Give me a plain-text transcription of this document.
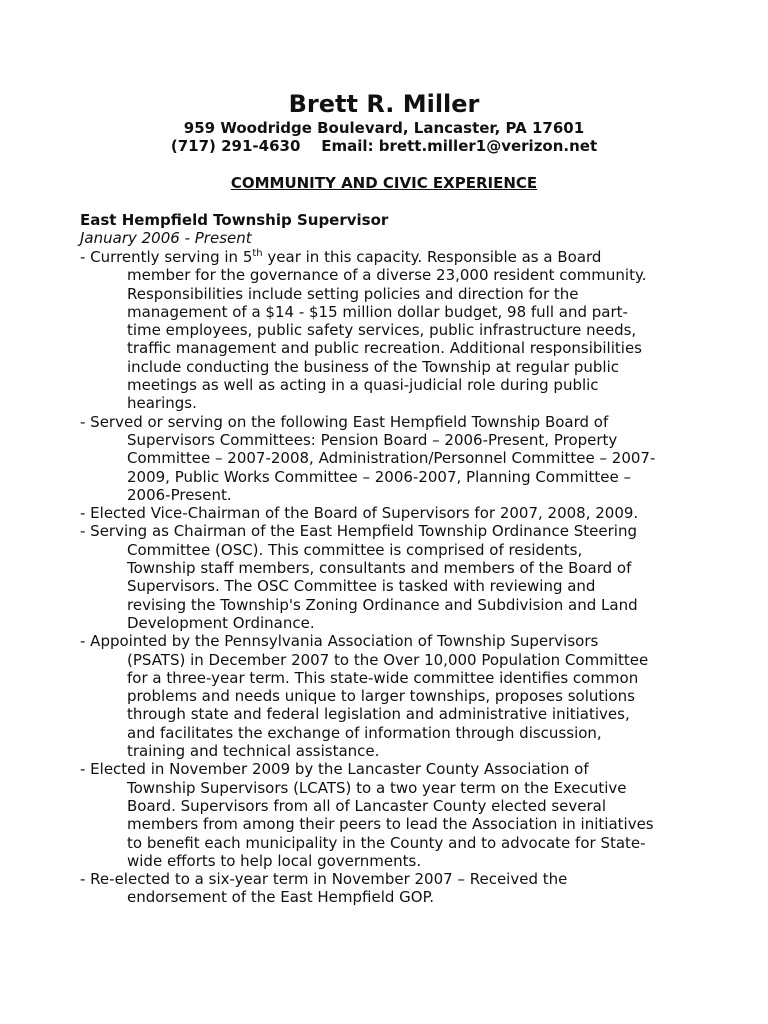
Brett R. Miller
959 Woodridge Boulevard, Lancaster, PA 17601
(717) 291-4630 Email: brett.miller1@verizon.net
COMMUNITY AND CIVIC EXPERIENCE
East Hempfield Township Supervisor
January 2006 - Present
- Currently serving in 5th year in this capacity. Responsible as a Board
member for the governance of a diverse 23,000 resident community.
Responsibilities include setting policies and direction for the
management of a $14 - $15 million dollar budget, 98 full and part-
time employees, public safety services, public infrastructure needs,
traffic management and public recreation. Additional responsibilities
include conducting the business of the Township at regular public
meetings as well as acting in a quasi-judicial role during public
hearings.
- Served or serving on the following East Hempfield Township Board of
Supervisors Committees: Pension Board – 2006-Present, Property
Committee – 2007-2008, Administration/Personnel Committee – 2007-
2009, Public Works Committee – 2006-2007, Planning Committee –
2006-Present.
- Elected Vice-Chairman of the Board of Supervisors for 2007, 2008, 2009.
- Serving as Chairman of the East Hempfield Township Ordinance Steering
Committee (OSC). This committee is comprised of residents,
Township staff members, consultants and members of the Board of
Supervisors. The OSC Committee is tasked with reviewing and
revising the Township's Zoning Ordinance and Subdivision and Land
Development Ordinance.
- Appointed by the Pennsylvania Association of Township Supervisors
(PSATS) in December 2007 to the Over 10,000 Population Committee
for a three-year term. This state-wide committee identifies common
problems and needs unique to larger townships, proposes solutions
through state and federal legislation and administrative initiatives,
and facilitates the exchange of information through discussion,
training and technical assistance.
- Elected in November 2009 by the Lancaster County Association of
Township Supervisors (LCATS) to a two year term on the Executive
Board. Supervisors from all of Lancaster County elected several
members from among their peers to lead the Association in initiatives
to benefit each municipality in the County and to advocate for State-
wide efforts to help local governments.
- Re-elected to a six-year term in November 2007 – Received the
endorsement of the East Hempfield GOP.
